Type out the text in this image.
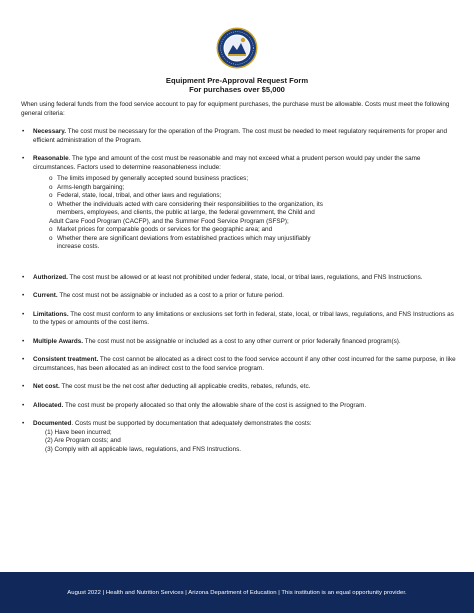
Equipment Pre-Approval Request Form
For purchases over $5,000

When using federal funds from the food service account to pay for equipment purchases, the purchase must be allowable. Costs must meet the following general criteria:

• Necessary. The cost must be necessary for the operation of the Program. The cost must be needed to meet regulatory requirements for proper and efficient administration of the Program.
• Reasonable. The type and amount of the cost must be reasonable and may not exceed what a prudent person would pay under the same circumstances. Factors used to determine reasonableness include:
o The limits imposed by generally accepted sound business practices;
o Arms-length bargaining;
o Federal, state, local, tribal, and other laws and regulations;
o Whether the individuals acted with care considering their responsibilities to the organization, its
members, employees, and clients, the public at large, the federal government, the Child and
Adult Care Food Program (CACFP), and the Summer Food Service Program (SFSP);
o Market prices for comparable goods or services for the geographic area; and
o Whether there are significant deviations from established practices which may unjustifiably
increase costs.
• Authorized. The cost must be allowed or at least not prohibited under federal, state, local, or tribal laws, regulations, and FNS Instructions.
• Current. The cost must not be assignable or included as a cost to a prior or future period.
• Limitations. The cost must conform to any limitations or exclusions set forth in federal, state, local, or tribal laws, regulations, and FNS Instructions as to the types or amounts of the cost items.
• Multiple Awards. The cost must not be assignable or included as a cost to any other current or prior federally financed program(s).
• Consistent treatment. The cost cannot be allocated as a direct cost to the food service account if any other cost incurred for the same purpose, in like circumstances, has been allocated as an indirect cost to the food service program.
• Net cost. The cost must be the net cost after deducting all applicable credits, rebates, refunds, etc.
• Allocated. The cost must be properly allocated so that only the allowable share of the cost is assigned to the Program.
• Documented. Costs must be supported by documentation that adequately demonstrates the costs:
(1) Have been incurred;
(2) Are Program costs; and
(3) Comply with all applicable laws, regulations, and FNS Instructions.
August 2022 | Health and Nutrition Services | Arizona Department of Education | This institution is an equal opportunity provider.
